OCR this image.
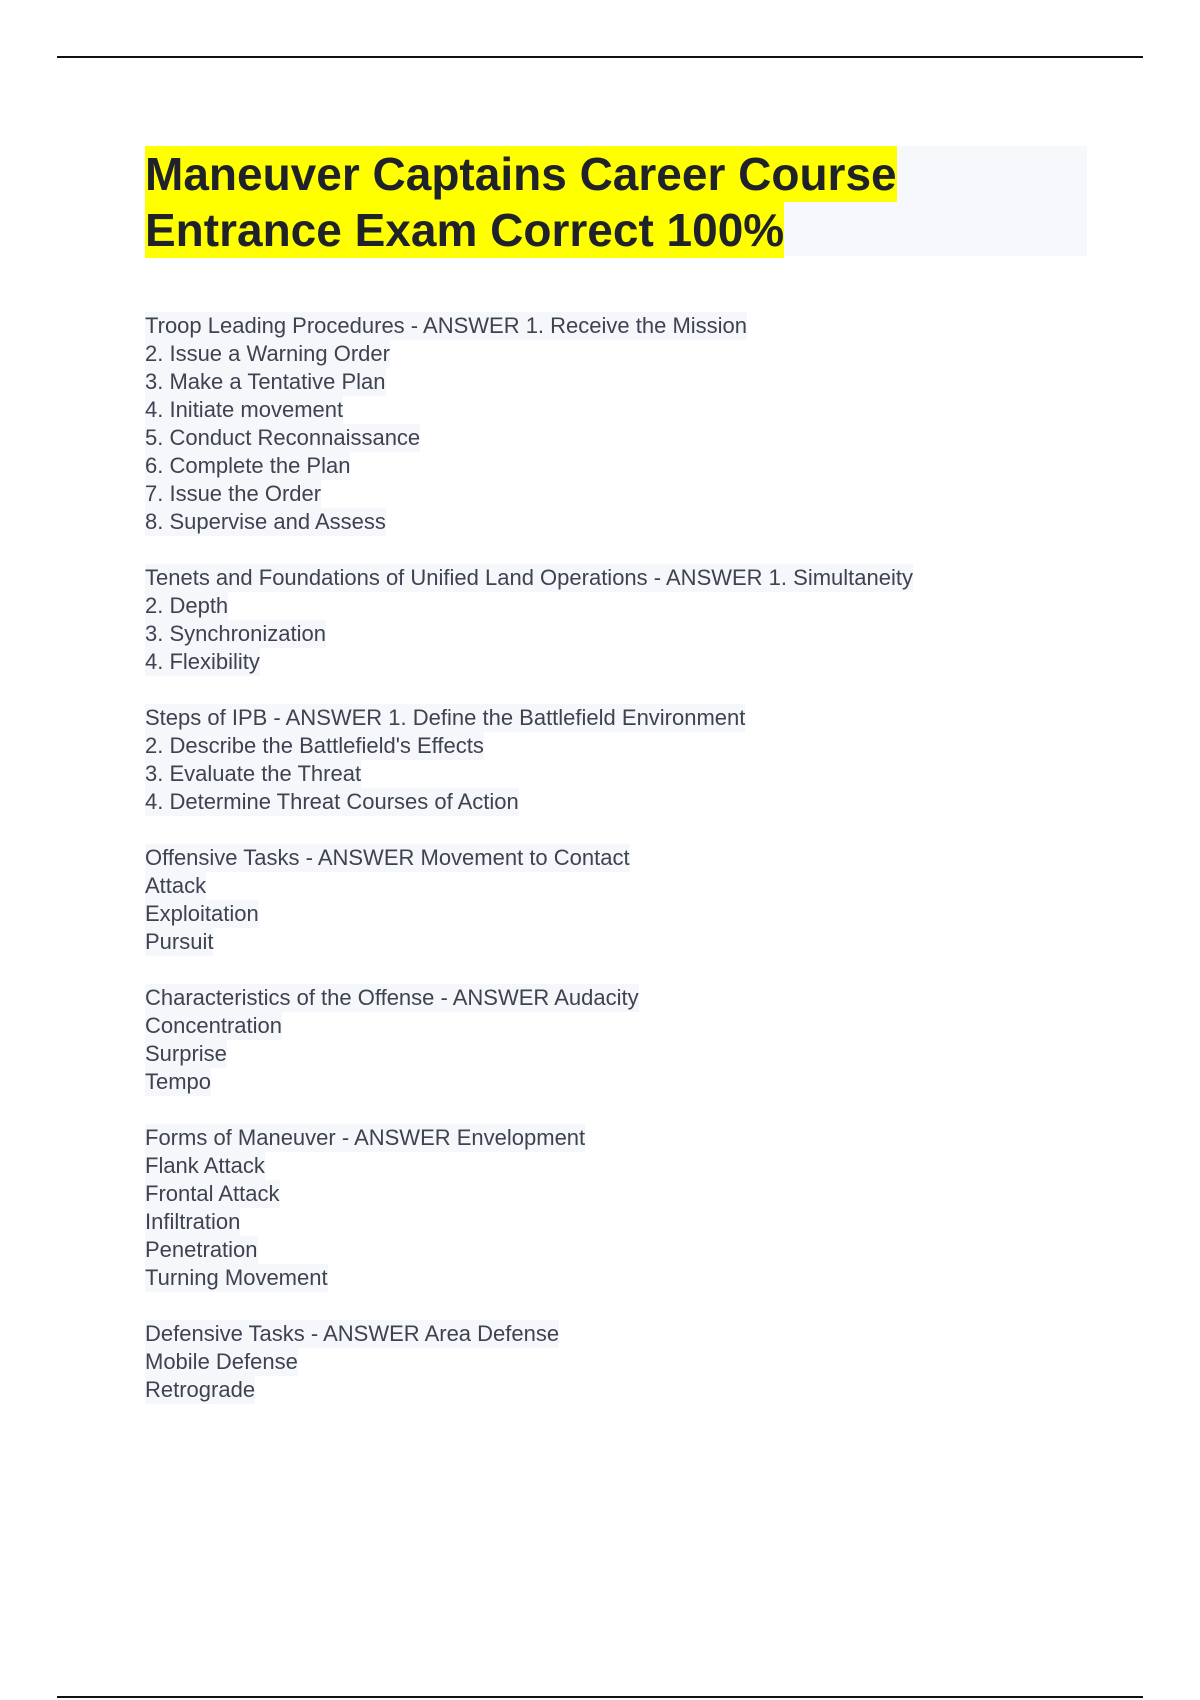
Maneuver Captains Career Course
Entrance Exam Correct 100%
Troop Leading Procedures - ANSWER 1. Receive the Mission
2. Issue a Warning Order
3. Make a Tentative Plan
4. Initiate movement
5. Conduct Reconnaissance
6. Complete the Plan
7. Issue the Order
8. Supervise and Assess
Tenets and Foundations of Unified Land Operations - ANSWER 1. Simultaneity
2. Depth
3. Synchronization
4. Flexibility
Steps of IPB - ANSWER 1. Define the Battlefield Environment
2. Describe the Battlefield's Effects
3. Evaluate the Threat
4. Determine Threat Courses of Action
Offensive Tasks - ANSWER Movement to Contact
Attack
Exploitation
Pursuit
Characteristics of the Offense - ANSWER Audacity
Concentration
Surprise
Tempo
Forms of Maneuver - ANSWER Envelopment
Flank Attack
Frontal Attack
Infiltration
Penetration
Turning Movement
Defensive Tasks - ANSWER Area Defense
Mobile Defense
Retrograde
